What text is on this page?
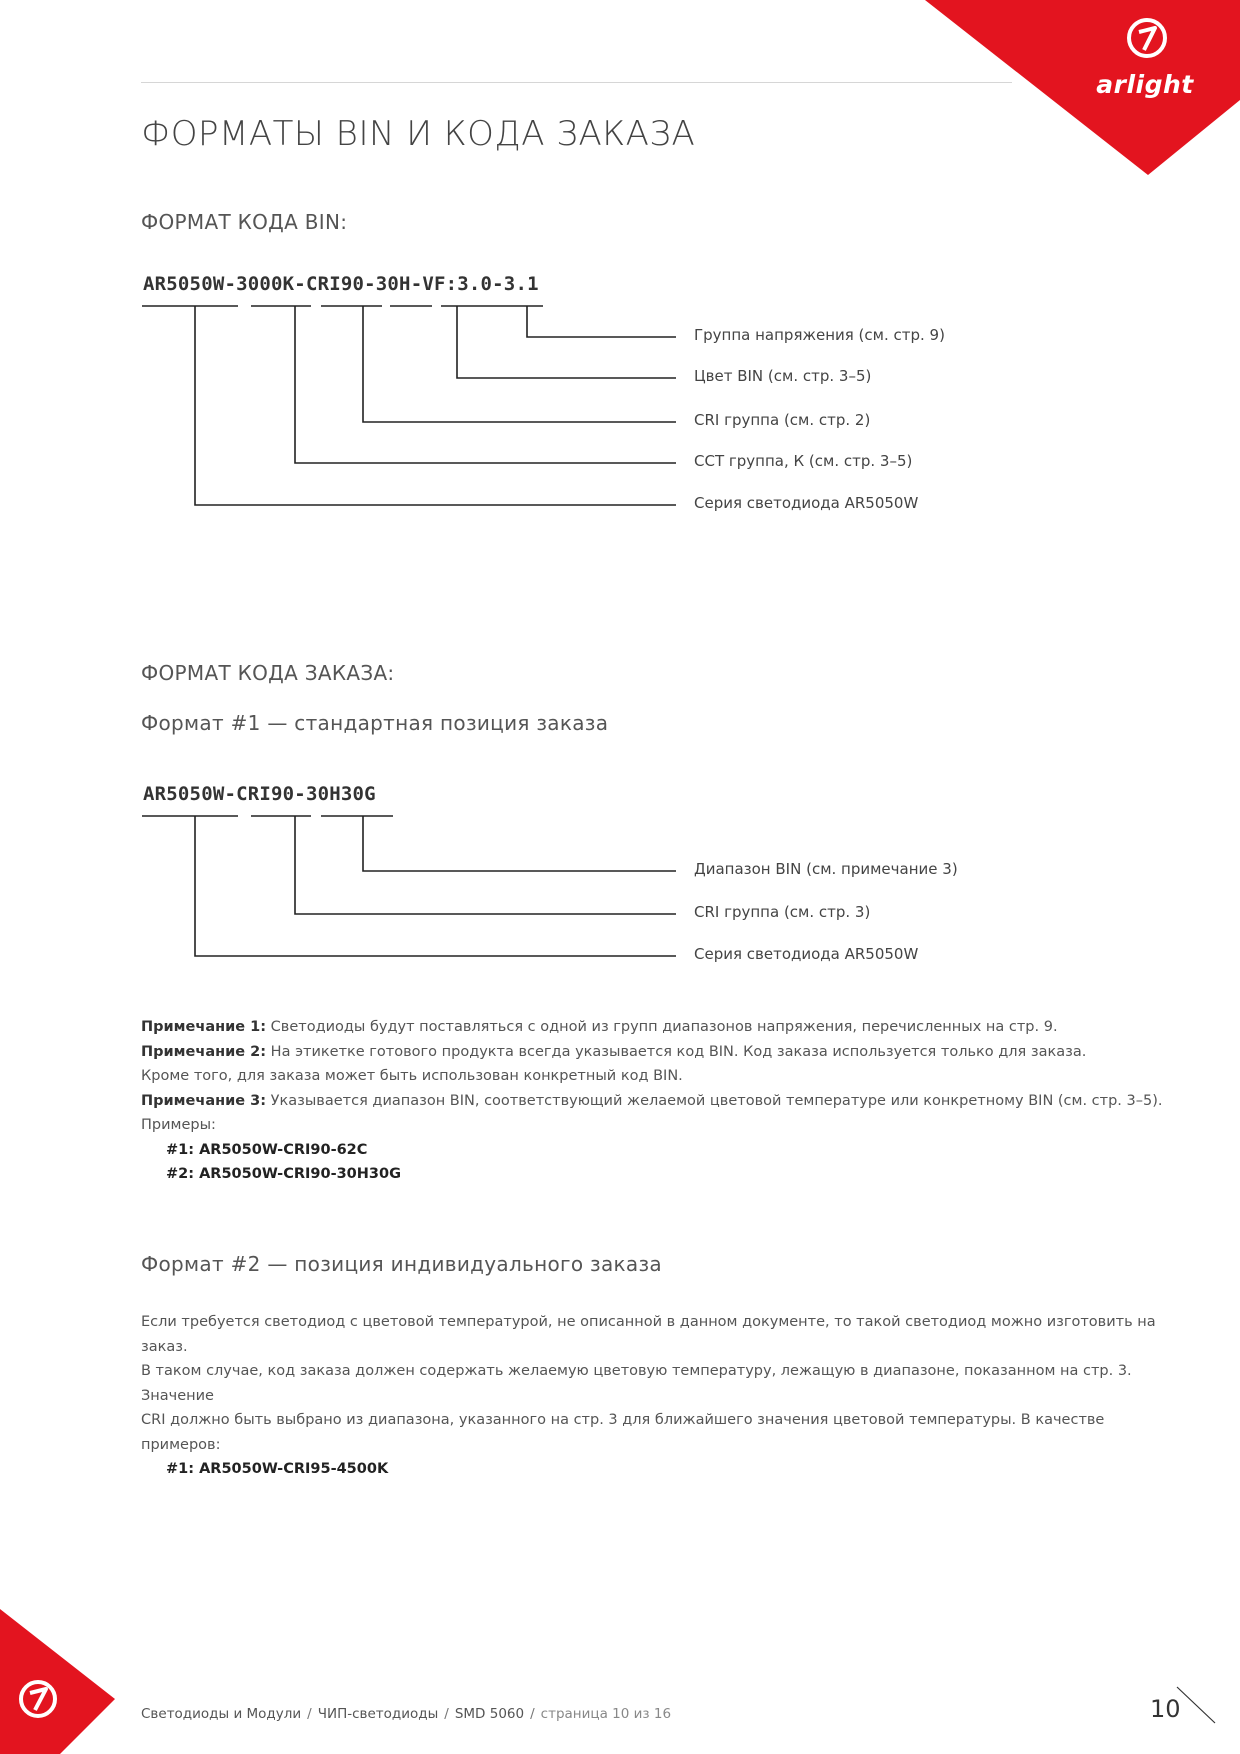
arlight
ФОРМАТЫ BIN И КОДА ЗАКАЗА
ФОРМАТ КОДА BIN:
AR5050W-3000K-CRI90-30H-VF:3.0-3.1
Группа напряжения (см. стр. 9)
Цвет BIN (см. стр. 3–5)
CRI группа (см. стр. 2)
CCT группа, К (см. стр. 3–5)
Серия светодиода AR5050W
ФОРМАТ КОДА ЗАКАЗА:
Формат #1 — стандартная позиция заказа
AR5050W-CRI90-30H30G
Диапазон BIN (см. примечание 3)
CRI группа (см. стр. 3)
Серия светодиода AR5050W
Примечание 1: Светодиоды будут поставляться с одной из групп диапазонов напряжения, перечисленных на стр. 9.
Примечание 2: На этикетке готового продукта всегда указывается код BIN. Код заказа используется только для заказа.
Кроме того, для заказа может быть использован конкретный код BIN.
Примечание 3: Указывается диапазон BIN, соответствующий желаемой цветовой температуре или конкретному BIN (см. стр. 3–5).
Примеры:
#1: AR5050W-CRI90-62C
#2: AR5050W-CRI90-30H30G
Формат #2 — позиция индивидуального заказа
Если требуется светодиод с цветовой температурой, не описанной в данном документе, то такой светодиод можно изготовить на заказ.
В таком случае, код заказа должен содержать желаемую цветовую температуру, лежащую в диапазоне, показанном на стр. 3. Значение
CRI должно быть выбрано из диапазона, указанного на стр. 3 для ближайшего значения цветовой температуры. В качестве примеров:
#1: AR5050W-CRI95-4500K
Светодиоды и Модули / ЧИП-светодиоды / SMD 5060 / страница 10 из 16	10
